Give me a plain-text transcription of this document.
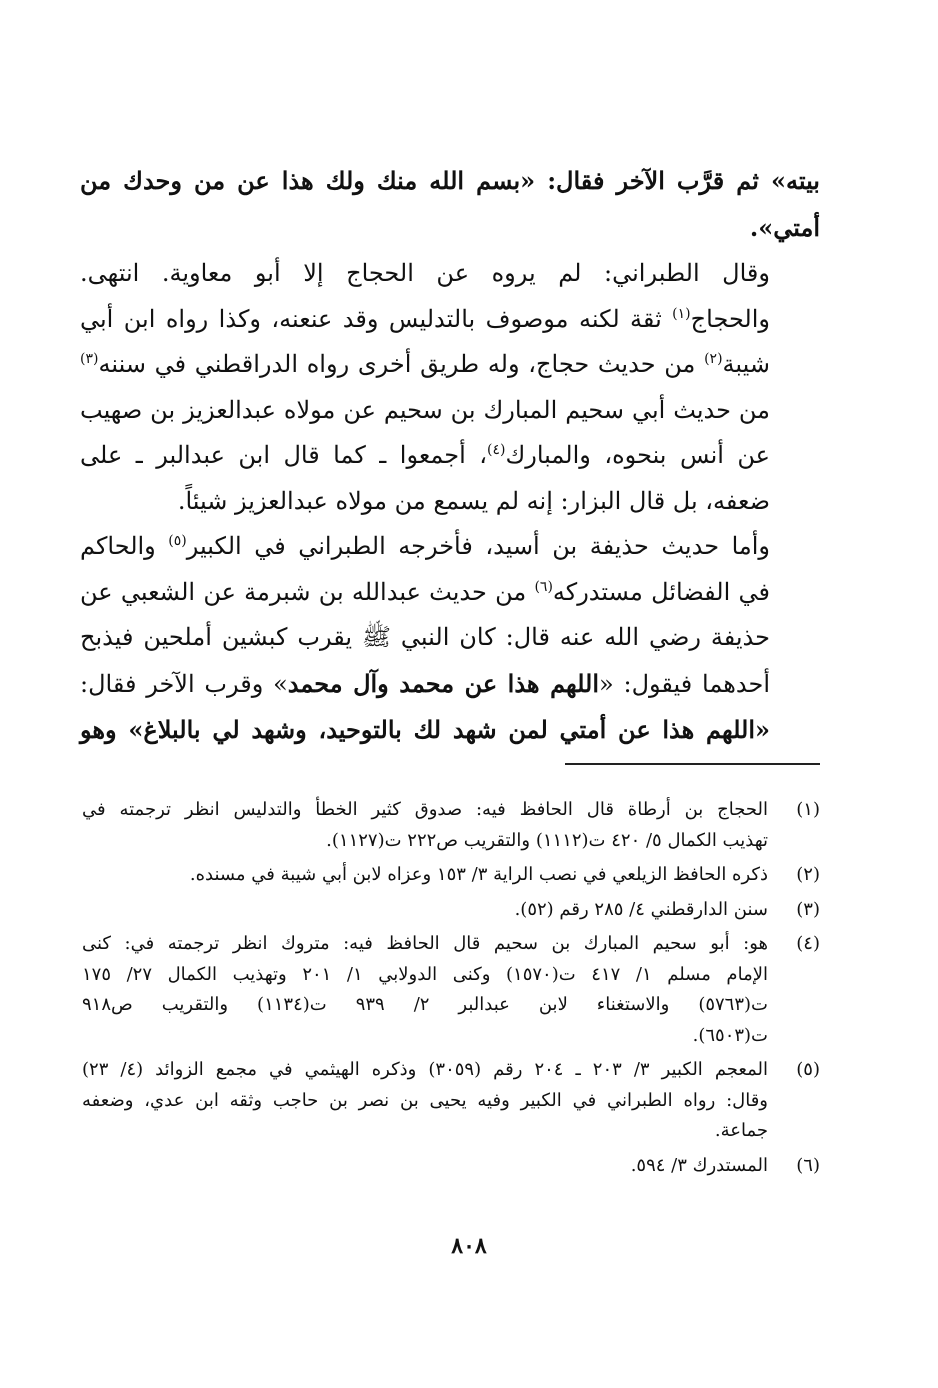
بيته» ثم قرَّب الآخر فقال: «بسم الله منك ولك هذا عن من وحدك من
أمتي».

وقال الطبراني: لم يروه عن الحجاج إلا أبو معاوية. انتهى.
والحجاج$^{(١)}$ ثقة لكنه موصوف بالتدليس وقد عنعنه، وكذا رواه ابن أبي
شيبة$^{(٢)}$ من حديث حجاج، وله طريق أخرى رواه الدراقطني في سننه$^{(٣)}$
من حديث أبي سحيم المبارك بن سحيم عن مولاه عبدالعزيز بن صهيب
عن أنس بنحوه، والمبارك$^{(٤)}$، أجمعوا ـ كما قال ابن عبدالبر ـ على
ضعفه، بل قال البزار: إنه لم يسمع من مولاه عبدالعزيز شيئاً.

وأما حديث حذيفة بن أسيد، فأخرجه الطبراني في الكبير$^{(٥)}$ والحاكم
في الفضائل مستدركه$^{(٦)}$ من حديث عبدالله بن شبرمة عن الشعبي عن
حذيفة رضي الله عنه قال: كان النبي ﷺ يقرب كبشين أملحين فيذبح
أحدهما فيقول: «اللهم هذا عن محمد وآل محمد» وقرب الآخر فقال:
«اللهم هذا عن أمتي لمن شهد لك بالتوحيد، وشهد لي بالبلاغ» وهو

(١)
الحجاج بن أرطاة قال الحافظ فيه: صدوق كثير الخطأ والتدليس انظر ترجمته في
تهذيب الكمال ٥/ ٤٢٠ ت(١١١٢) والتقريب ص٢٢٢ ت(١١٢٧).
(٢)
ذكره الحافظ الزيلعي في نصب الراية ٣/ ١٥٣ وعزاه لابن أبي شيبة في مسنده.
(٣)
سنن الدارقطني ٤/ ٢٨٥ رقم (٥٢).
(٤)
هو: أبو سحيم المبارك بن سحيم قال الحافظ فيه: متروك انظر ترجمته في: كنى
الإمام مسلم ١/ ٤١٧ ت(١٥٧٠) وكنى الدولابي ١/ ٢٠١ وتهذيب الكمال ٢٧/ ١٧٥
ت(٥٧٦٣) والاستغناء لابن عبدالبر ٢/ ٩٣٩ ت(١١٣٤) والتقريب ص٩١٨
ت(٦٥٠٣).
(٥)
المعجم الكبير ٣/ ٢٠٣ ـ ٢٠٤ رقم (٣٠٥٩) وذكره الهيثمي في مجمع الزوائد (٤/ ٢٣)
وقال: رواه الطبراني في الكبير وفيه يحيى بن نصر بن حاجب وثقه ابن عدي، وضعفه
جماعة.
(٦)
المستدرك ٣/ ٥٩٤.
٨٠٨
